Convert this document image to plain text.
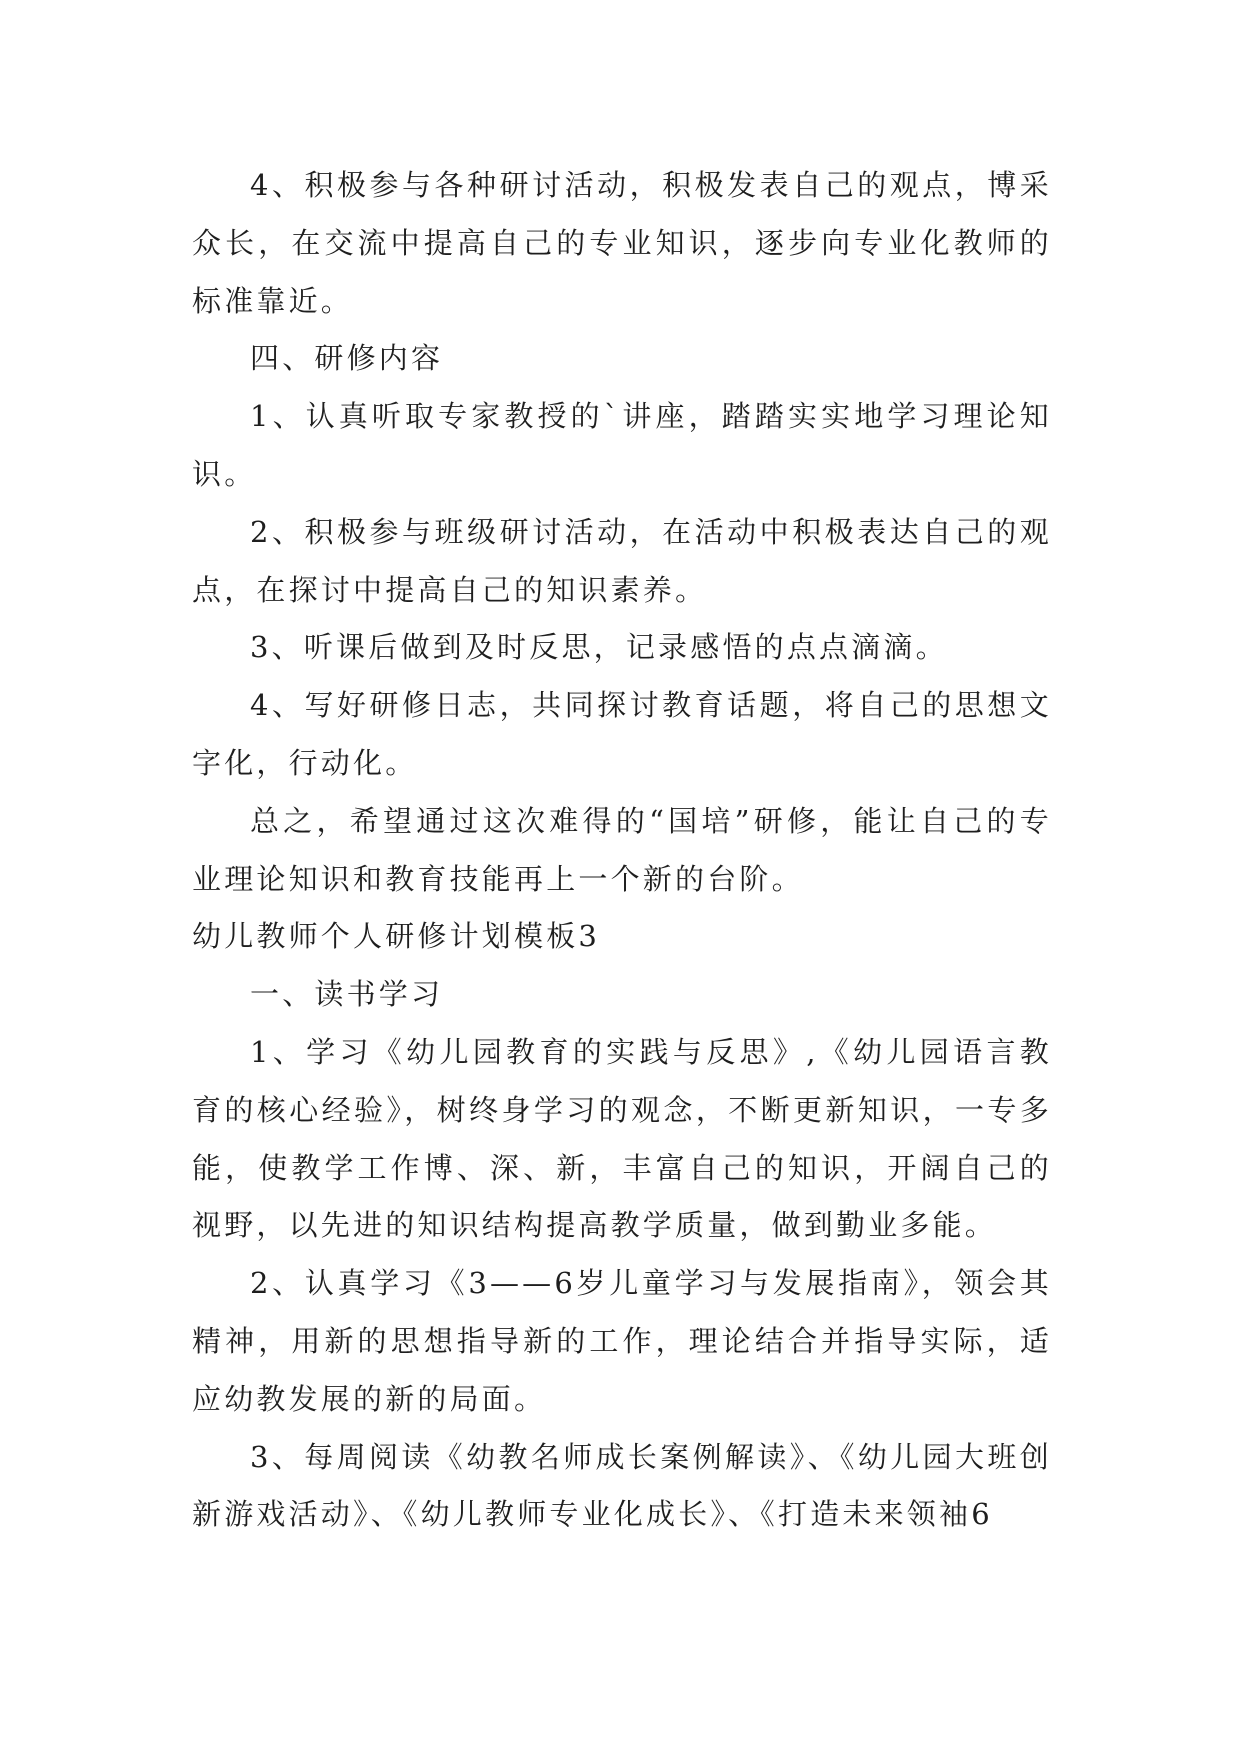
4、积极参与各种研讨活动，积极发表自己的观点，博采众长，在交流中提高自己的专业知识，逐步向专业化教师的标准靠近。

四、研修内容

1、认真听取专家教授的`讲座，踏踏实实地学习理论知识。

2、积极参与班级研讨活动，在活动中积极表达自己的观点，在探讨中提高自己的知识素养。

3、听课后做到及时反思，记录感悟的点点滴滴。

4、写好研修日志，共同探讨教育话题，将自己的思想文字化，行动化。

总之，希望通过这次难得的“国培”研修，能让自己的专业理论知识和教育技能再上一个新的台阶。

幼儿教师个人研修计划模板3

一、读书学习

1、学习《幼儿园教育的实践与反思》,《幼儿园语言教育的核心经验》，树终身学习的观念，不断更新知识，一专多能，使教学工作博、深、新，丰富自己的知识，开阔自己的视野，以先进的知识结构提高教学质量，做到勤业多能。

2、认真学习《3——6岁儿童学习与发展指南》，领会其精神，用新的思想指导新的工作，理论结合并指导实际，适应幼教发展的新的局面。

3、每周阅读《幼教名师成长案例解读》、《幼儿园大班创新游戏活动》、《幼儿教师专业化成长》、《打造未来领袖6
